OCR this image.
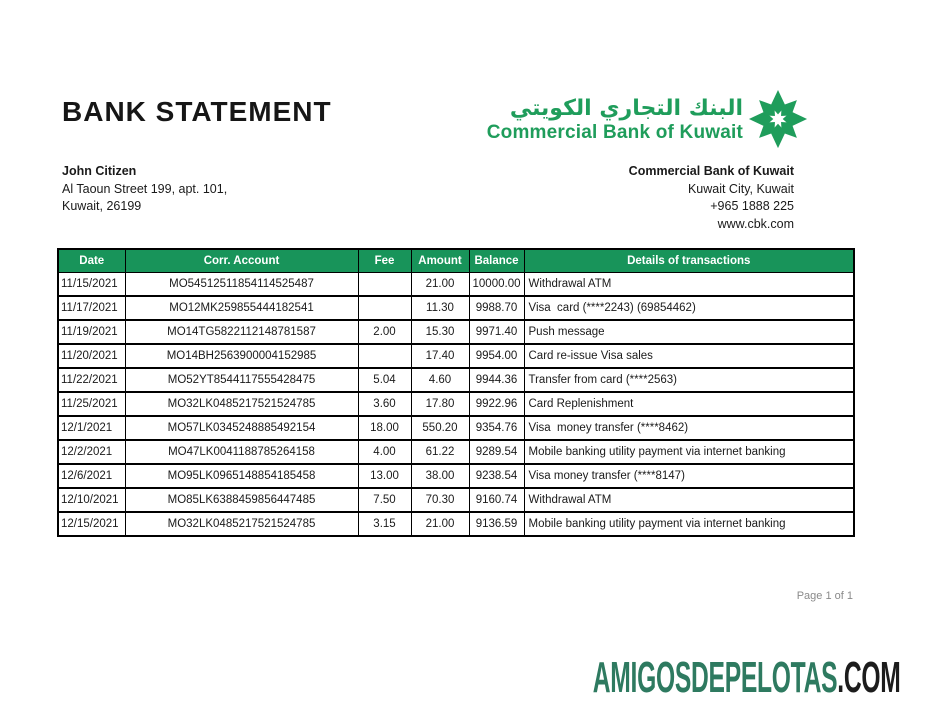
BANK STATEMENT	البنك التجاري الكويتي
Commercial Bank of Kuwait
John Citizen
Al Taoun Street 199, apt. 101,
Kuwait, 26199
Commercial Bank of Kuwait
Kuwait City, Kuwait
+965 1888 225
www.cbk.com
Date	Corr. Account	Fee	Amount	Balance	Details of transactions
11/15/2021	MO54512511854114525487		21.00	10000.00	Withdrawal ATM
11/17/2021	MO12MK259855444182541		11.30	9988.70	Visa  card (****2243) (69854462)
11/19/2021	MO14TG5822112148781587	2.00	15.30	9971.40	Push message
11/20/2021	MO14BH2563900004152985		17.40	9954.00	Card re-issue Visa sales
11/22/2021	MO52YT8544117555428475	5.04	4.60	9944.36	Transfer from card (****2563)
11/25/2021	MO32LK0485217521524785	3.60	17.80	9922.96	Card Replenishment
12/1/2021	MO57LK0345248885492154	18.00	550.20	9354.76	Visa  money transfer (****8462)
12/2/2021	MO47LK0041188785264158	4.00	61.22	9289.54	Mobile banking utility payment via internet banking
12/6/2021	MO95LK0965148854185458	13.00	38.00	9238.54	Visa money transfer (****8147)
12/10/2021	MO85LK6388459856447485	7.50	70.30	9160.74	Withdrawal ATM
12/15/2021	MO32LK0485217521524785	3.15	21.00	9136.59	Mobile banking utility payment via internet banking
Page 1 of 1
AMIGOSDEPELOTAS .COM
